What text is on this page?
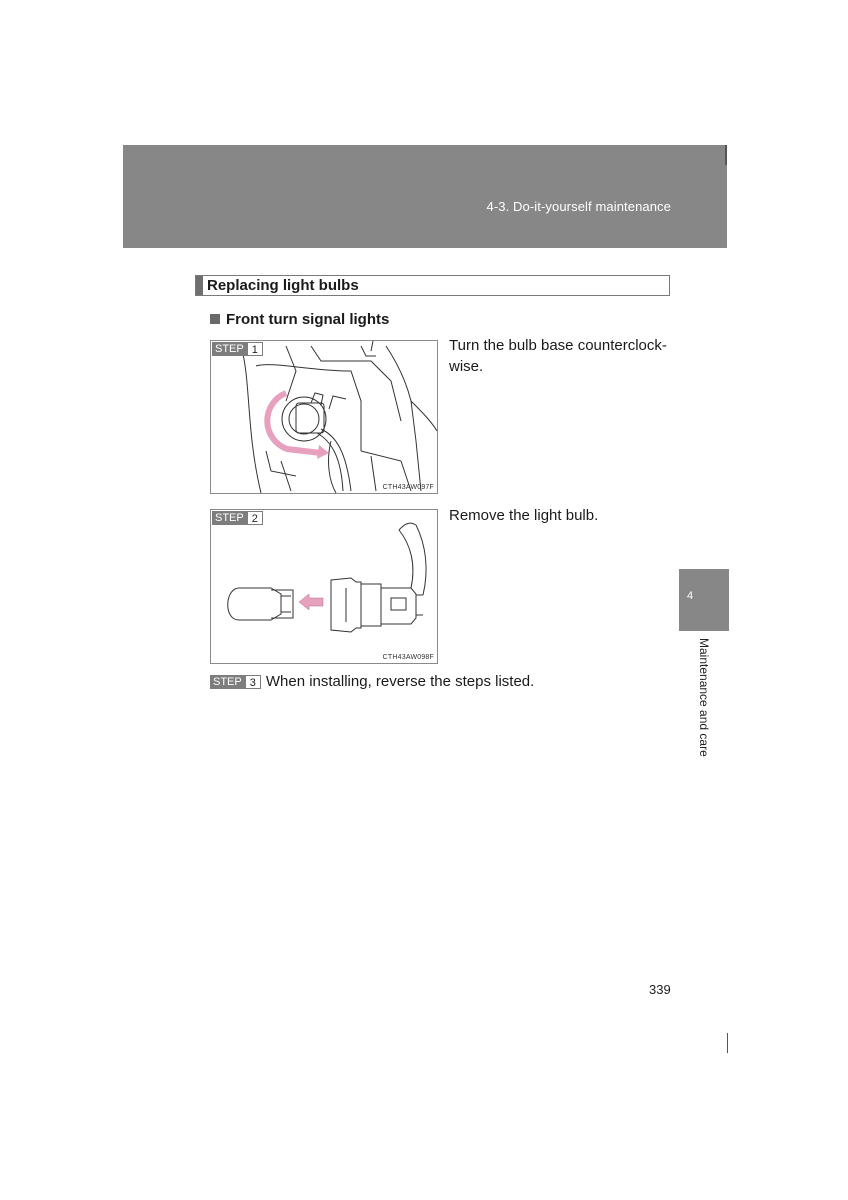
4-3. Do-it-yourself maintenance
Replacing light bulbs
Front turn signal lights
STEP 1
CTH43AW097F
Turn the bulb base counterclock- wise.
STEP 2
CTH43AW098F
Remove the light bulb.
STEP 3 When installing, reverse the steps listed.
4
Maintenance and care
339
